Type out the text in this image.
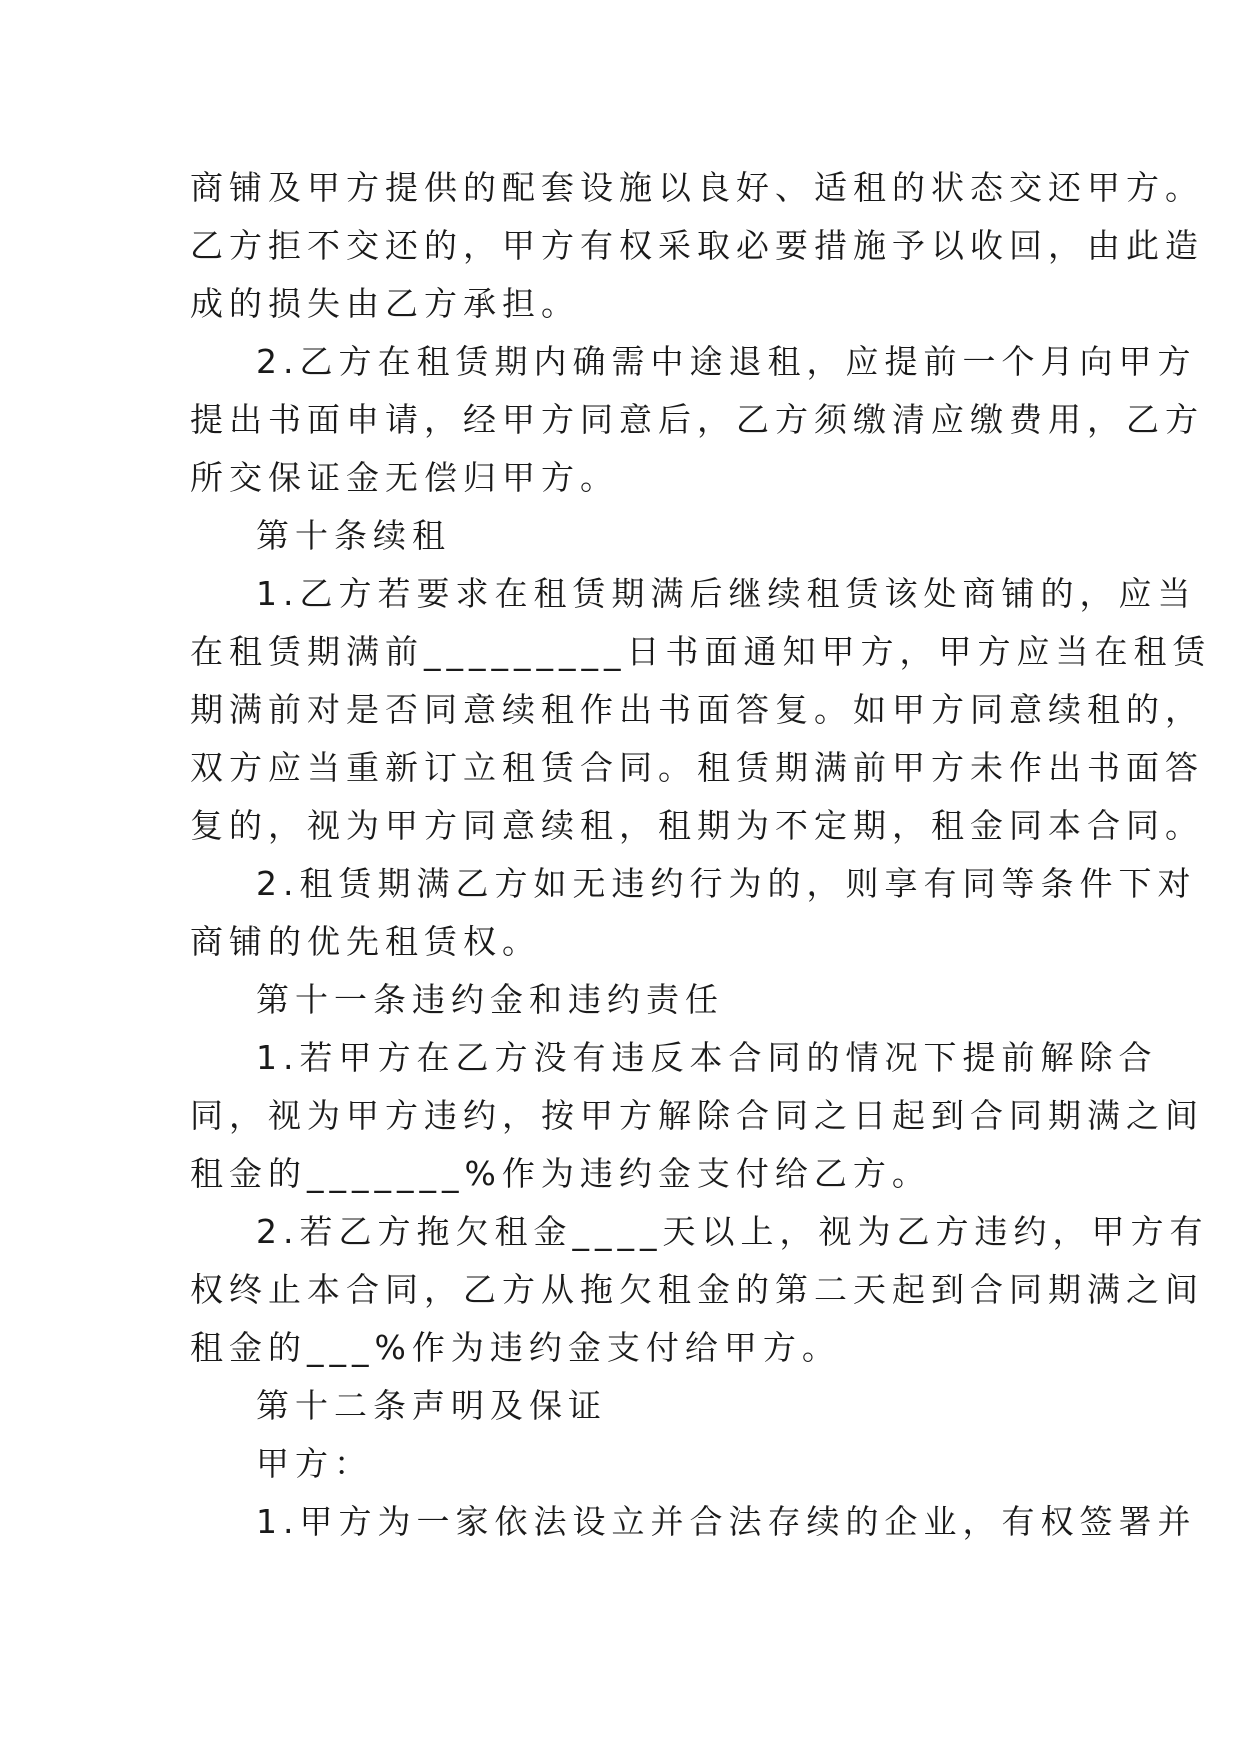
商铺及甲方提供的配套设施以良好、适租的状态交还甲方。
乙方拒不交还的，甲方有权采取必要措施予以收回，由此造
成的损失由乙方承担。
2.乙方在租赁期内确需中途退租，应提前一个月向甲方
提出书面申请，经甲方同意后，乙方须缴清应缴费用，乙方
所交保证金无偿归甲方。
第十条续租
1.乙方若要求在租赁期满后继续租赁该处商铺的，应当
在租赁期满前_________日书面通知甲方，甲方应当在租赁
期满前对是否同意续租作出书面答复。如甲方同意续租的，
双方应当重新订立租赁合同。租赁期满前甲方未作出书面答
复的，视为甲方同意续租，租期为不定期，租金同本合同。
2.租赁期满乙方如无违约行为的，则享有同等条件下对
商铺的优先租赁权。
第十一条违约金和违约责任
1.若甲方在乙方没有违反本合同的情况下提前解除合
同，视为甲方违约，按甲方解除合同之日起到合同期满之间
租金的_______%作为违约金支付给乙方。
2.若乙方拖欠租金____天以上，视为乙方违约，甲方有
权终止本合同，乙方从拖欠租金的第二天起到合同期满之间
租金的___%作为违约金支付给甲方。
第十二条声明及保证
甲方：
1.甲方为一家依法设立并合法存续的企业，有权签署并
